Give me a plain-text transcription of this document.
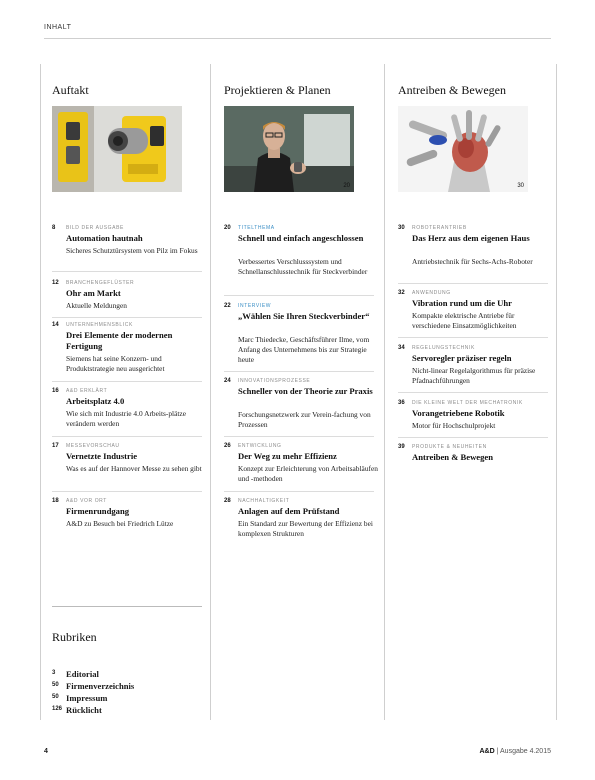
INHALT
Auftakt
8 BILD DER AUSGABE
Automation hautnah
Sicheres Schutztürsystem von Pilz im Fokus
12 BRANCHENGEFLÜSTER
Ohr am Markt
Aktuelle Meldungen
14 UNTERNEHMENSBLICK
Drei Elemente der modernen Fertigung
Siemens hat seine Konzern- und Produktstrategie neu ausgerichtet
16 A&D ERKLÄRT
Arbeitsplatz 4.0
Wie sich mit Industrie 4.0 Arbeits-plätze verändern werden
17 MESSEVORSCHAU
Vernetzte Industrie
Was es auf der Hannover Messe zu sehen gibt
18 A&D VOR ORT
Firmenrundgang
A&D zu Besuch bei Friedrich Lütze
Projektieren & Planen
20
20 TITELTHEMA
Schnell und einfach angeschlossen
Verbessertes Verschlusssystem und Schnellanschlusstechnik für Steckverbinder
22 INTERVIEW
„Wählen Sie Ihren Steckverbinder“
Marc Thiedecke, Geschäftsführer Ilme, vom Anfang des Unternehmens bis zur Strategie heute
24 INNOVATIONSPROZESSE
Schneller von der Theorie zur Praxis
Forschungsnetzwerk zur Verein-fachung von Prozessen
26 ENTWICKLUNG
Der Weg zu mehr Effizienz
Konzept zur Erleichterung von Arbeitsabläufen und -methoden
28 NACHHALTIGKEIT
Anlagen auf dem Prüfstand
Ein Standard zur Bewertung der Effizienz bei komplexen Strukturen
Antreiben & Bewegen
30
30 ROBOTERANTRIEB
Das Herz aus dem eigenen Haus
Antriebstechnik für Sechs-Achs-Roboter
32 ANWENDUNG
Vibration rund um die Uhr
Kompakte elektrische Antriebe für verschiedene Einsatzmöglichkeiten
34 REGELUNGSTECHNIK
Servoregler präziser regeln
Nicht-linear Regelalgorithmus für präzise Pfadnachführungen
36 DIE KLEINE WELT DER MECHATRONIK
Vorangetriebene Robotik
Motor für Hochschulprojekt
39 PRODUKTE & NEUHEITEN
Antreiben & Bewegen
Rubriken
3 Editorial
50 Firmenverzeichnis
50 Impressum
126 Rücklicht
4	A&D | Ausgabe 4.2015
